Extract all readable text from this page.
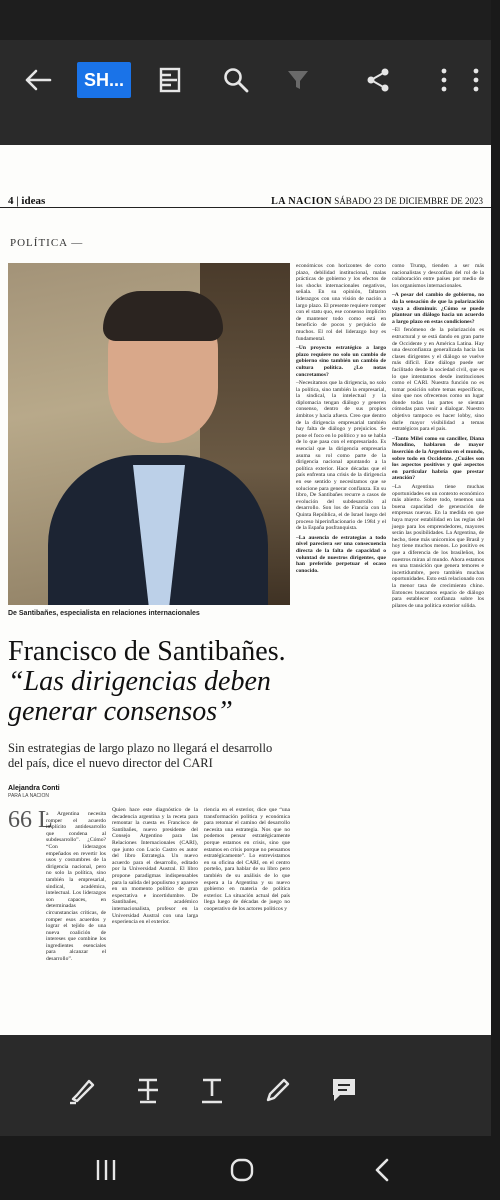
SH...
4 | ideas	LA NACION SÁBADO 23 DE DICIEMBRE DE 2023
POLÍTICA —
De Santibañes, especialista en relaciones internacionales
Francisco de Santibañes.
“Las dirigencias deben generar consensos”
Sin estrategias de largo plazo no llegará el desarrollo del país, dice el nuevo director del CARI
Alejandra Conti
PARA LA NACION
66 L
a Argentina necesita romper el acuerdo implícito antidesarrollo que condena al subdesarrollo”. ¿Cómo? “Con liderazgos empeñados en revertir los usos y costumbres de la dirigencia nacional, pero no solo la política, sino también la empresarial, sindical, académica, intelectual. Los liderazgos son capaces, en determinadas circunstancias críticas, de romper esos acuerdos y lograr el tejido de una nueva coalición de intereses que combine los ingredientes esenciales para alcanzar el desarrollo”.
Quien hace este diagnóstico de la decadencia argentina y la receta para remontar la cuesta es Francisco de Santibañes, nuevo presidente del Consejo Argentino para las Relaciones Internacionales (CARI), que junto con Lucio Castro es autor del libro Estrategia. Un nuevo acuerdo para el desarrollo, editado por la Universidad Austral. El libro propone paradigmas indispensables para la salida del populismo y aparece en un momento político de gran expectativa e incertidumbre. De Santibañes, académico internacionalista, profesor en la Universidad Austral con una larga experiencia en el exterior.
riencia en el exterior, dice que “una transformación política y económica para retomar el camino del desarrollo necesita una estrategia. Nos que no podemos pensar estratégicamente porque estamos en crisis, sino que estamos en crisis porque no pensamos estratégicamente”. Lo entrevistamos en su oficina del CARI, en el centro porteño, para hablar de su libro pero también de su análisis de lo que espera a la Argentina y su nuevo gobierno en materia de política exterior. La situación actual del país llega luego de décadas de juego no cooperativo de los actores políticos y
económicos con horizontes de corto plazo, debilidad institucional, malas prácticas de gobierno y los efectos de los shocks internacionales negativos, señala. En su opinión, faltaron liderazgos con una visión de nación a largo plazo. El presente requiere romper con el statu quo, ese consenso implícito de mantener todo como está en beneficio de pocos y perjuicio de muchos. El rol del liderazgo hoy es fundamental.
–Un proyecto estratégico a largo plazo requiere no solo un cambio de gobierno sino también un cambio de cultura política. ¿Lo notas concretamos?
–Necesitamos que la dirigencia, no solo la política, sino también la empresarial, la sindical, la intelectual y la diplomacia tengan diálogo y generen consenso, dentro de sus propios ámbitos y hacia afuera. Creo que dentro de la dirigencia empresarial también hay falta de diálogo y prejuicios. Se pone el foco en lo político y no se habla de lo que pasa con el empresariado. Es esencial que la dirigencia empresaria asuma su rol como parte de la dirigencia nacional apuntando a la política exterior. Hace décadas que el país enfrenta una crisis de la dirigencia en ese sentido y necesitamos que se solucione para generar confianza. En su libro, De Santibañes recurre a casos de evolución del subdesarrollo al desarrollo. Son los de Francia con la Quinta República, el de Israel luego del proceso hiperinflacionario de 1984 y el de la España posfranquista.
–La ausencia de estrategias a todo nivel pareciera ser una consecuencia directa de la falta de capacidad o voluntad de nuestros dirigentes, que han preferido perpetuar el ocaso conocido.
como Trump, tienden a ser más nacionalistas y desconfían del rol de la colaboración entre países por medio de los organismos internacionales.
–A pesar del cambio de gobierno, no da la sensación de que la polarización vaya a disminuir. ¿Cómo se puede plantear un diálogo hacia un acuerdo a largo plazo en estas condiciones?
–El fenómeno de la polarización es estructural y se está dando en gran parte de Occidente y en América Latina. Hay una desconfianza generalizada hacia las clases dirigentes y el diálogo se vuelve más difícil. Este diálogo puede ser facilitado desde la sociedad civil, que es lo que intentamos desde instituciones como el CARI. Nuestra función no es tomar posición sobre temas específicos, sino que nos ofrecemos como un lugar donde todas las partes se sientan cómodas para venir a dialogar. Nuestro objetivo tampoco es hacer lobby, sino darle mayor visibilidad a temas estratégicos para el país.
–Tanto Milei como su canciller, Diana Mondino, hablaron de mayor inserción de la Argentina en el mundo, sobre todo en Occidente. ¿Cuáles son los aspectos positivos y qué aspectos en particular habría que prestar atención?
–La Argentina tiene muchas oportunidades en un contexto económico más abierto. Sobre todo, tenemos una buena capacidad de generación de empresas nuevas. En la medida en que haya mayor estabilidad en las reglas del juego para los emprendedores, mayores serán las posibilidades. La Argentina, de hecho, tiene más unicornios que Brasil y hoy tiene muchos menos. Lo positivo es que a diferencia de los brasileños, los nuestros miran al mundo. Ahora estamos en una transición que genera temores e incertidumbre, pero también muchas oportunidades. Esto está relacionado con la menor tasa de crecimiento chino. Entonces buscamos espacio de diálogo para establecer confianza sobre los pilares de una política exterior sólida.
